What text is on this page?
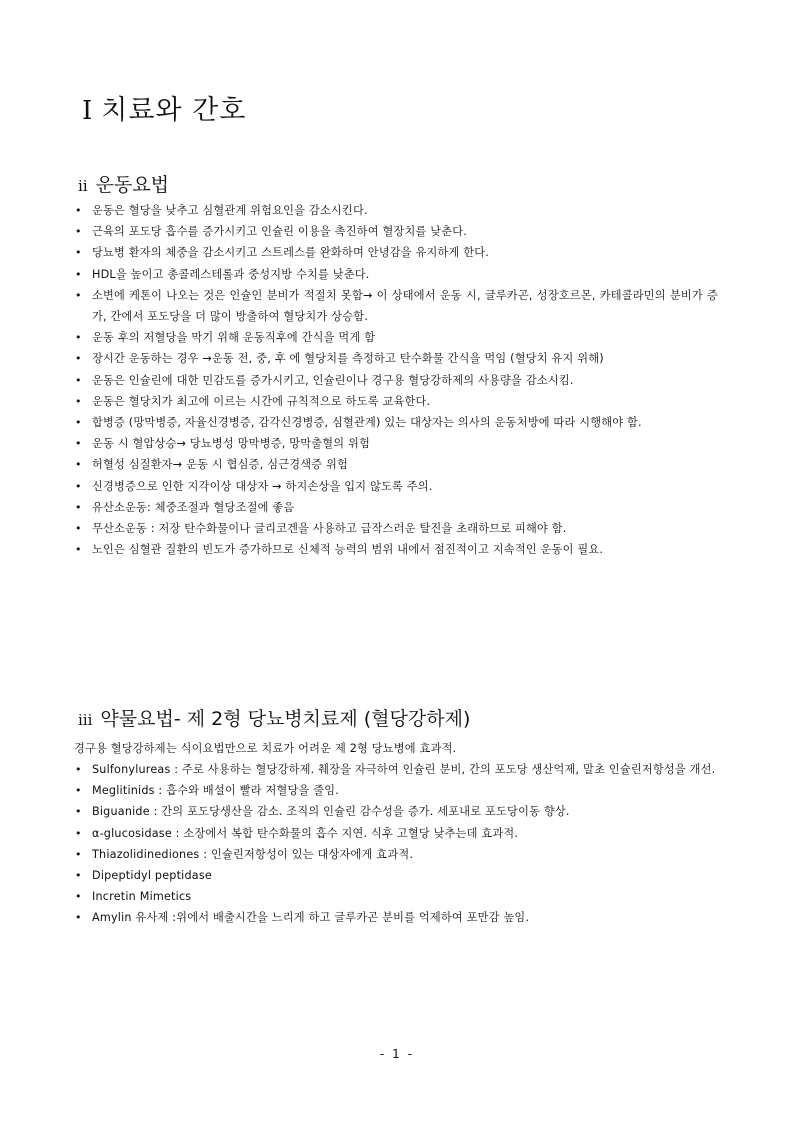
Ⅰ 치료와 간호
ⅱ 운동요법
• 운동은 혈당을 낮추고 심혈관계 위험요인을 감소시킨다.
• 근육의 포도당 흡수를 증가시키고 인슐린 이용을 촉진하여 혈장치를 낮춘다.
• 당뇨병 환자의 체중을 감소시키고 스트레스를 완화하며 안녕감을 유지하게 한다.
• HDL을 높이고 총콜레스테롤과 중성지방 수치를 낮춘다.
• 소변에 케톤이 나오는 것은 인슐인 분비가 적절치 못함→ 이 상태에서 운동 시, 글루카곤, 성장호르몬, 카테콜라민의 분비가 증가, 간에서 포도당을 더 많이 방출하여 혈당치가 상승함.
• 운동 후의 저혈당을 막기 위해 운동직후에 간식을 먹게 함
• 장시간 운동하는 경우 →운동 전, 중, 후 에 혈당치를 측정하고 탄수화물 간식을 먹임 (혈당치 유지 위해)
• 운동은 인슐린에 대한 민감도를 증가시키고, 인슐린이나 경구용 혈당강하제의 사용량을 감소시킴.
• 운동은 혈당치가 최고에 이르는 시간에 규칙적으로 하도록 교육한다.
• 합병증 (망막병증, 자율신경병증, 감각신경병증, 심혈관계) 있는 대상자는 의사의 운동처방에 따라 시행해야 함.
• 운동 시 혈압상승→ 당뇨병성 망막병증, 망막출혈의 위험
• 허혈성 심질환자→ 운동 시 협심증, 심근경색증 위험
• 신경병증으로 인한 지각이상 대상자 → 하지손상을 입지 않도록 주의.
• 유산소운동: 체중조절과 혈당조절에 좋음
• 무산소운동 : 저장 탄수화물이나 글리코겐을 사용하고 급작스러운 탈진을 초래하므로 피해야 함.
• 노인은 심혈관 질환의 빈도가 증가하므로 신체적 능력의 범위 내에서 점진적이고 지속적인 운동이 필요.
ⅲ 약물요법- 제 2형 당뇨병치료제 (혈당강하제)

경구용 혈당강하제는 식이요법만으로 치료가 어려운 제 2형 당뇨병에 효과적.

• Sulfonylureas : 주로 사용하는 혈당강하제. 췌장을 자극하여 인슐린 분비, 간의 포도당 생산억제, 말초 인슐린저항성을 개선.
• Meglitinids : 흡수와 배설이 빨라 저혈당을 줄임.
• Biguanide : 간의 포도당생산을 감소. 조직의 인슐린 감수성을 증가. 세포내로 포도당이동 향상.
• α-glucosidase : 소장에서 복합 탄수화물의 흡수 지연. 식후 고혈당 낮추는데 효과적.
• Thiazolidinediones : 인슐린저항성이 있는 대상자에게 효과적.
• Dipeptidyl peptidase
• Incretin Mimetics
• Amylin 유사제 :위에서 배출시간을 느리게 하고 글루카곤 분비를 억제하여 포만감 높임.
- 1 -
